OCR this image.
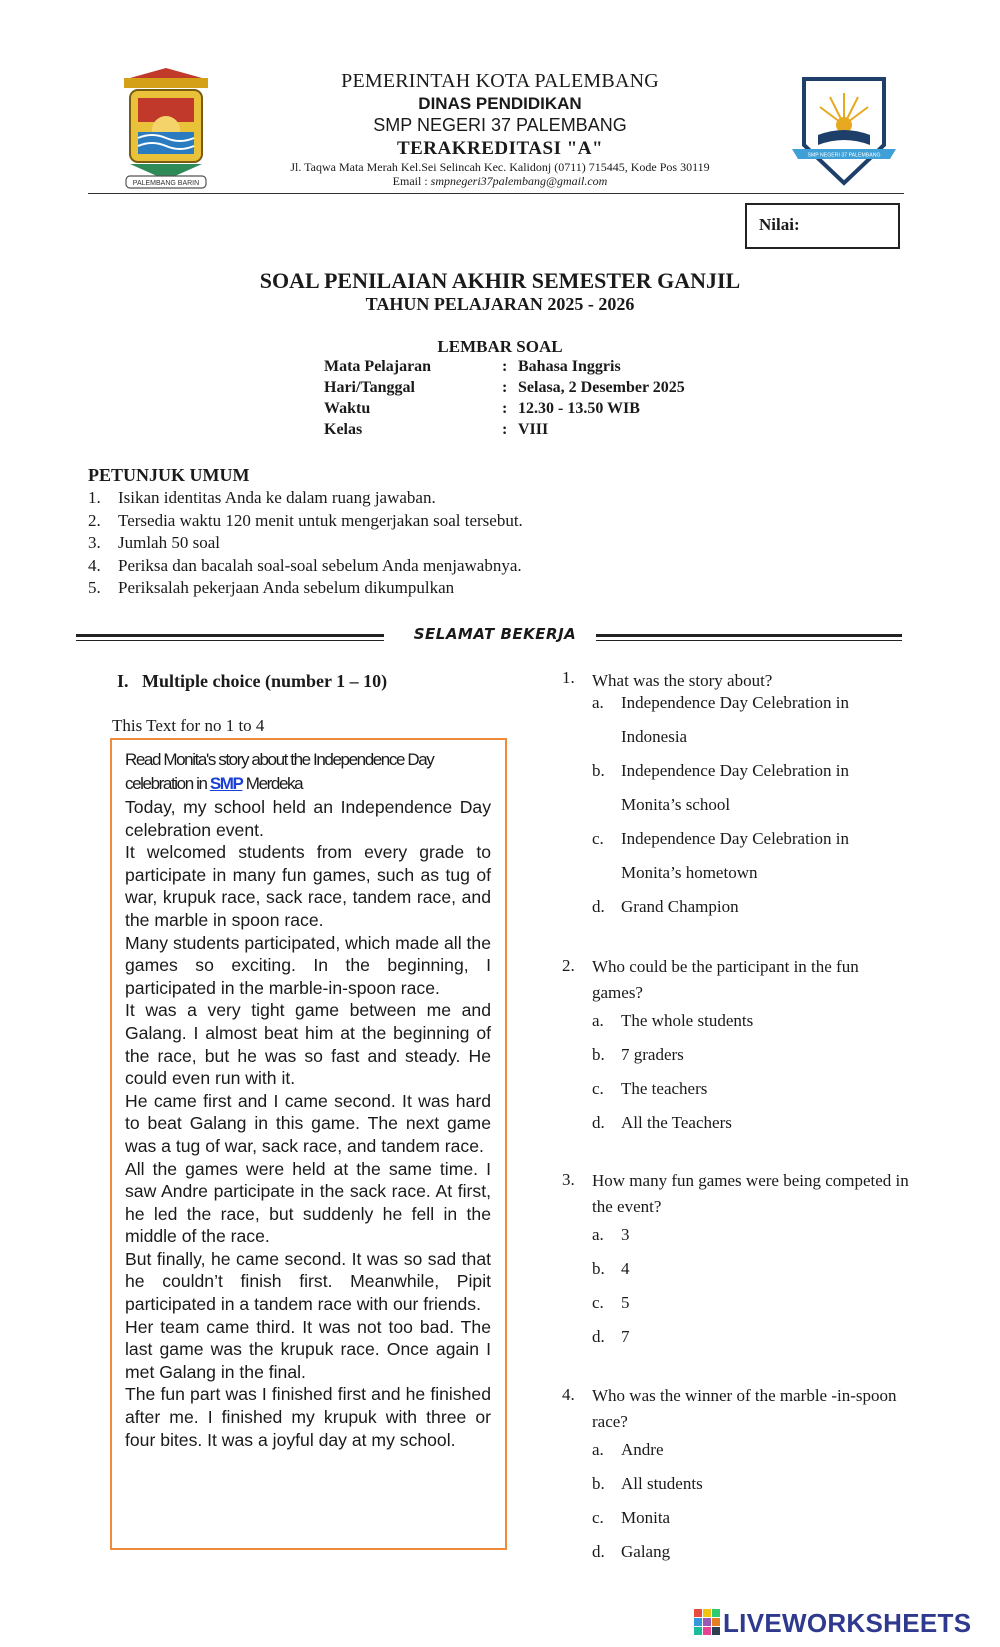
PALEMBANG BARIN
PEMERINTAH KOTA PALEMBANG
DINAS PENDIDIKAN
SMP NEGERI 37 PALEMBANG
TERAKREDITASI "A"
Jl. Taqwa Mata Merah Kel.Sei Selincah Kec. Kalidonj (0711) 715445, Kode Pos 30119
Email : smpnegeri37palembang@gmail.com
SMP NEGERI 37 PALEMBANG
Nilai:
SOAL PENILAIAN AKHIR SEMESTER GANJIL
TAHUN PELAJARAN 2025 - 2026
LEMBAR SOAL
Mata Pelajaran	: Bahasa Inggris
Hari/Tanggal	: Selasa, 2 Desember 2025
Waktu	: 12.30 - 13.50 WIB
Kelas	: VIII
PETUNJUK UMUM
1. Isikan identitas Anda ke dalam ruang jawaban.
2. Tersedia waktu 120 menit untuk mengerjakan soal tersebut.
3. Jumlah 50 soal
4. Periksa dan bacalah soal-soal sebelum Anda menjawabnya.
5. Periksalah pekerjaan Anda sebelum dikumpulkan
SELAMAT BEKERJA
I.   Multiple choice (number 1 – 10)
This Text for no 1 to 4
Read Monita's story about the Independence Day celebration in SMP Merdeka

Today, my school held an Independence Day celebration event.

It welcomed students from every grade to participate in many fun games, such as tug of war, krupuk race, sack race, tandem race, and the marble in spoon race.

Many students participated, which made all the games so exciting. In the beginning, I participated in the marble-in-spoon race.

It was a very tight game between me and Galang. I almost beat him at the beginning of the race, but he was so fast and steady. He could even run with it.

He came first and I came second. It was hard to beat Galang in this game. The next game was a tug of war, sack race, and tandem race.

All the games were held at the same time. I saw Andre participate in the sack race. At first, he led the race, but suddenly he fell in the middle of the race.

But finally, he came second. It was so sad that he couldn’t finish first. Meanwhile, Pipit participated in a tandem race with our friends.

Her team came third. It was not too bad. The last game was the krupuk race. Once again I met Galang in the final.

The fun part was I finished first and he finished after me. I finished my krupuk with three or four bites. It was a joyful day at my school.

1. What was the story about?
a. Independence Day Celebration in
Indonesia
b. Independence Day Celebration in
Monita’s school
c. Independence Day Celebration in
Monita’s hometown
d. Grand Champion
2. Who could be the participant in the fun games?
a. The whole students
b. 7 graders
c. The teachers
d. All the Teachers
3. How many fun games were being competed in the event?
a. 3
b. 4
c. 5
d. 7
4. Who was the winner of the marble -in-spoon race?
a. Andre
b. All students
c. Monita
d. Galang
LIVEWORKSHEETS
